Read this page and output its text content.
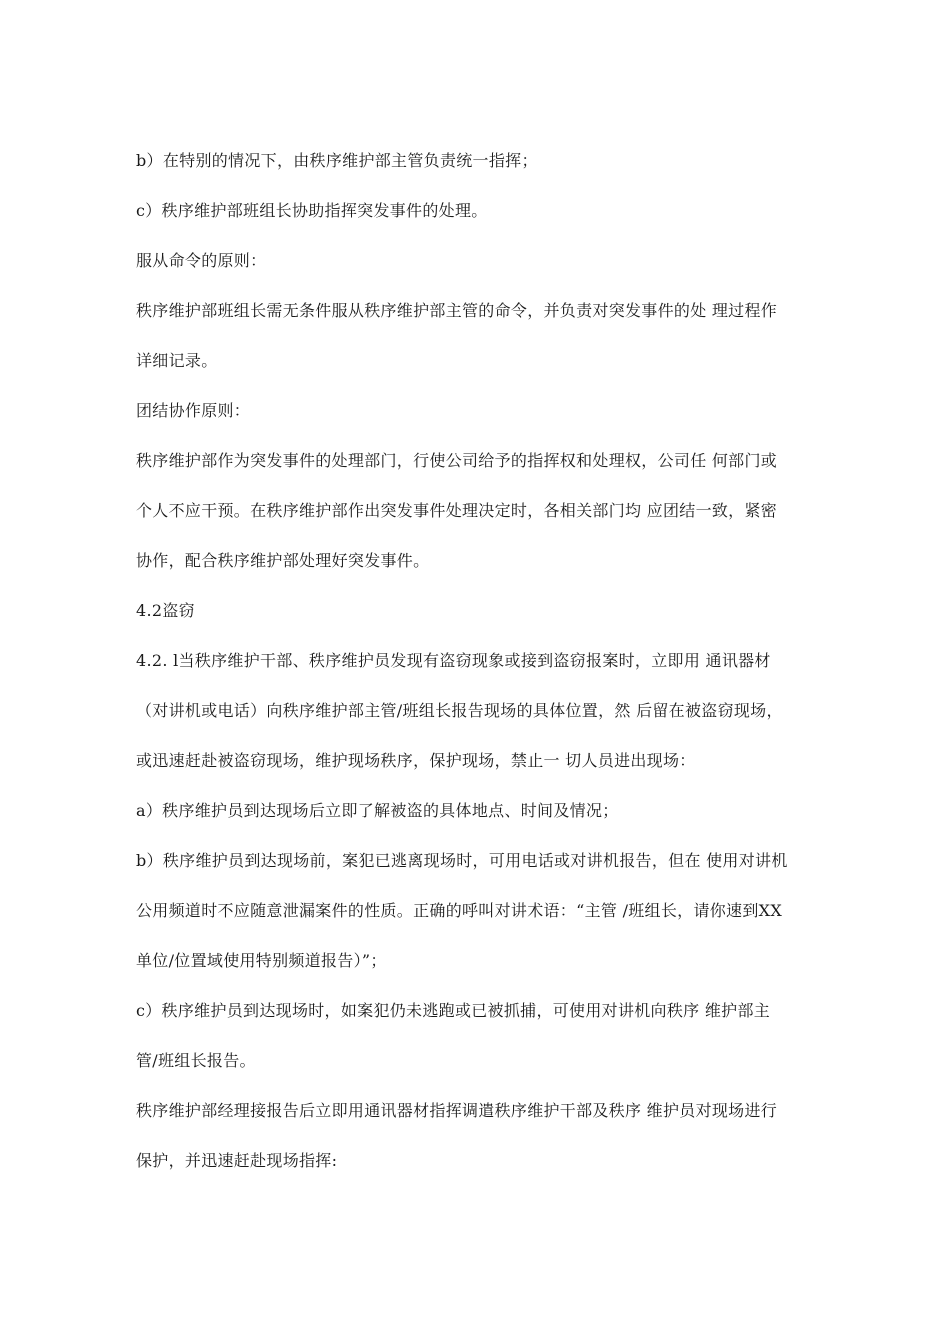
b）在特别的情况下，由秩序维护部主管负责统一指挥；
c）秩序维护部班组长协助指挥突发事件的处理。
服从命令的原则：
秩序维护部班组长需无条件服从秩序维护部主管的命令，并负责对突发事件的处 理过程作
详细记录。
团结协作原则：
秩序维护部作为突发事件的处理部门，行使公司给予的指挥权和处理权，公司任 何部门或
个人不应干预。在秩序维护部作出突发事件处理决定时，各相关部门均 应团结一致，紧密
协作，配合秩序维护部处理好突发事件。
4.2盗窃
4.2. l当秩序维护干部、秩序维护员发现有盗窃现象或接到盗窃报案时，立即用 通讯器材
（对讲机或电话）向秩序维护部主管/班组长报告现场的具体位置，然 后留在被盗窃现场，
或迅速赶赴被盗窃现场，维护现场秩序，保护现场，禁止一 切人员进出现场：
a）秩序维护员到达现场后立即了解被盗的具体地点、时间及情况；
b）秩序维护员到达现场前，案犯已逃离现场时，可用电话或对讲机报告，但在 使用对讲机
公用频道时不应随意泄漏案件的性质。正确的呼叫对讲术语：“主管 /班组长，请你速到XX
单位/位置域使用特别频道报告）”；
c）秩序维护员到达现场时，如案犯仍未逃跑或已被抓捕，可使用对讲机向秩序 维护部主
管/班组长报告。
秩序维护部经理接报告后立即用通讯器材指挥调遣秩序维护干部及秩序 维护员对现场进行
保护，并迅速赶赴现场指挥:
